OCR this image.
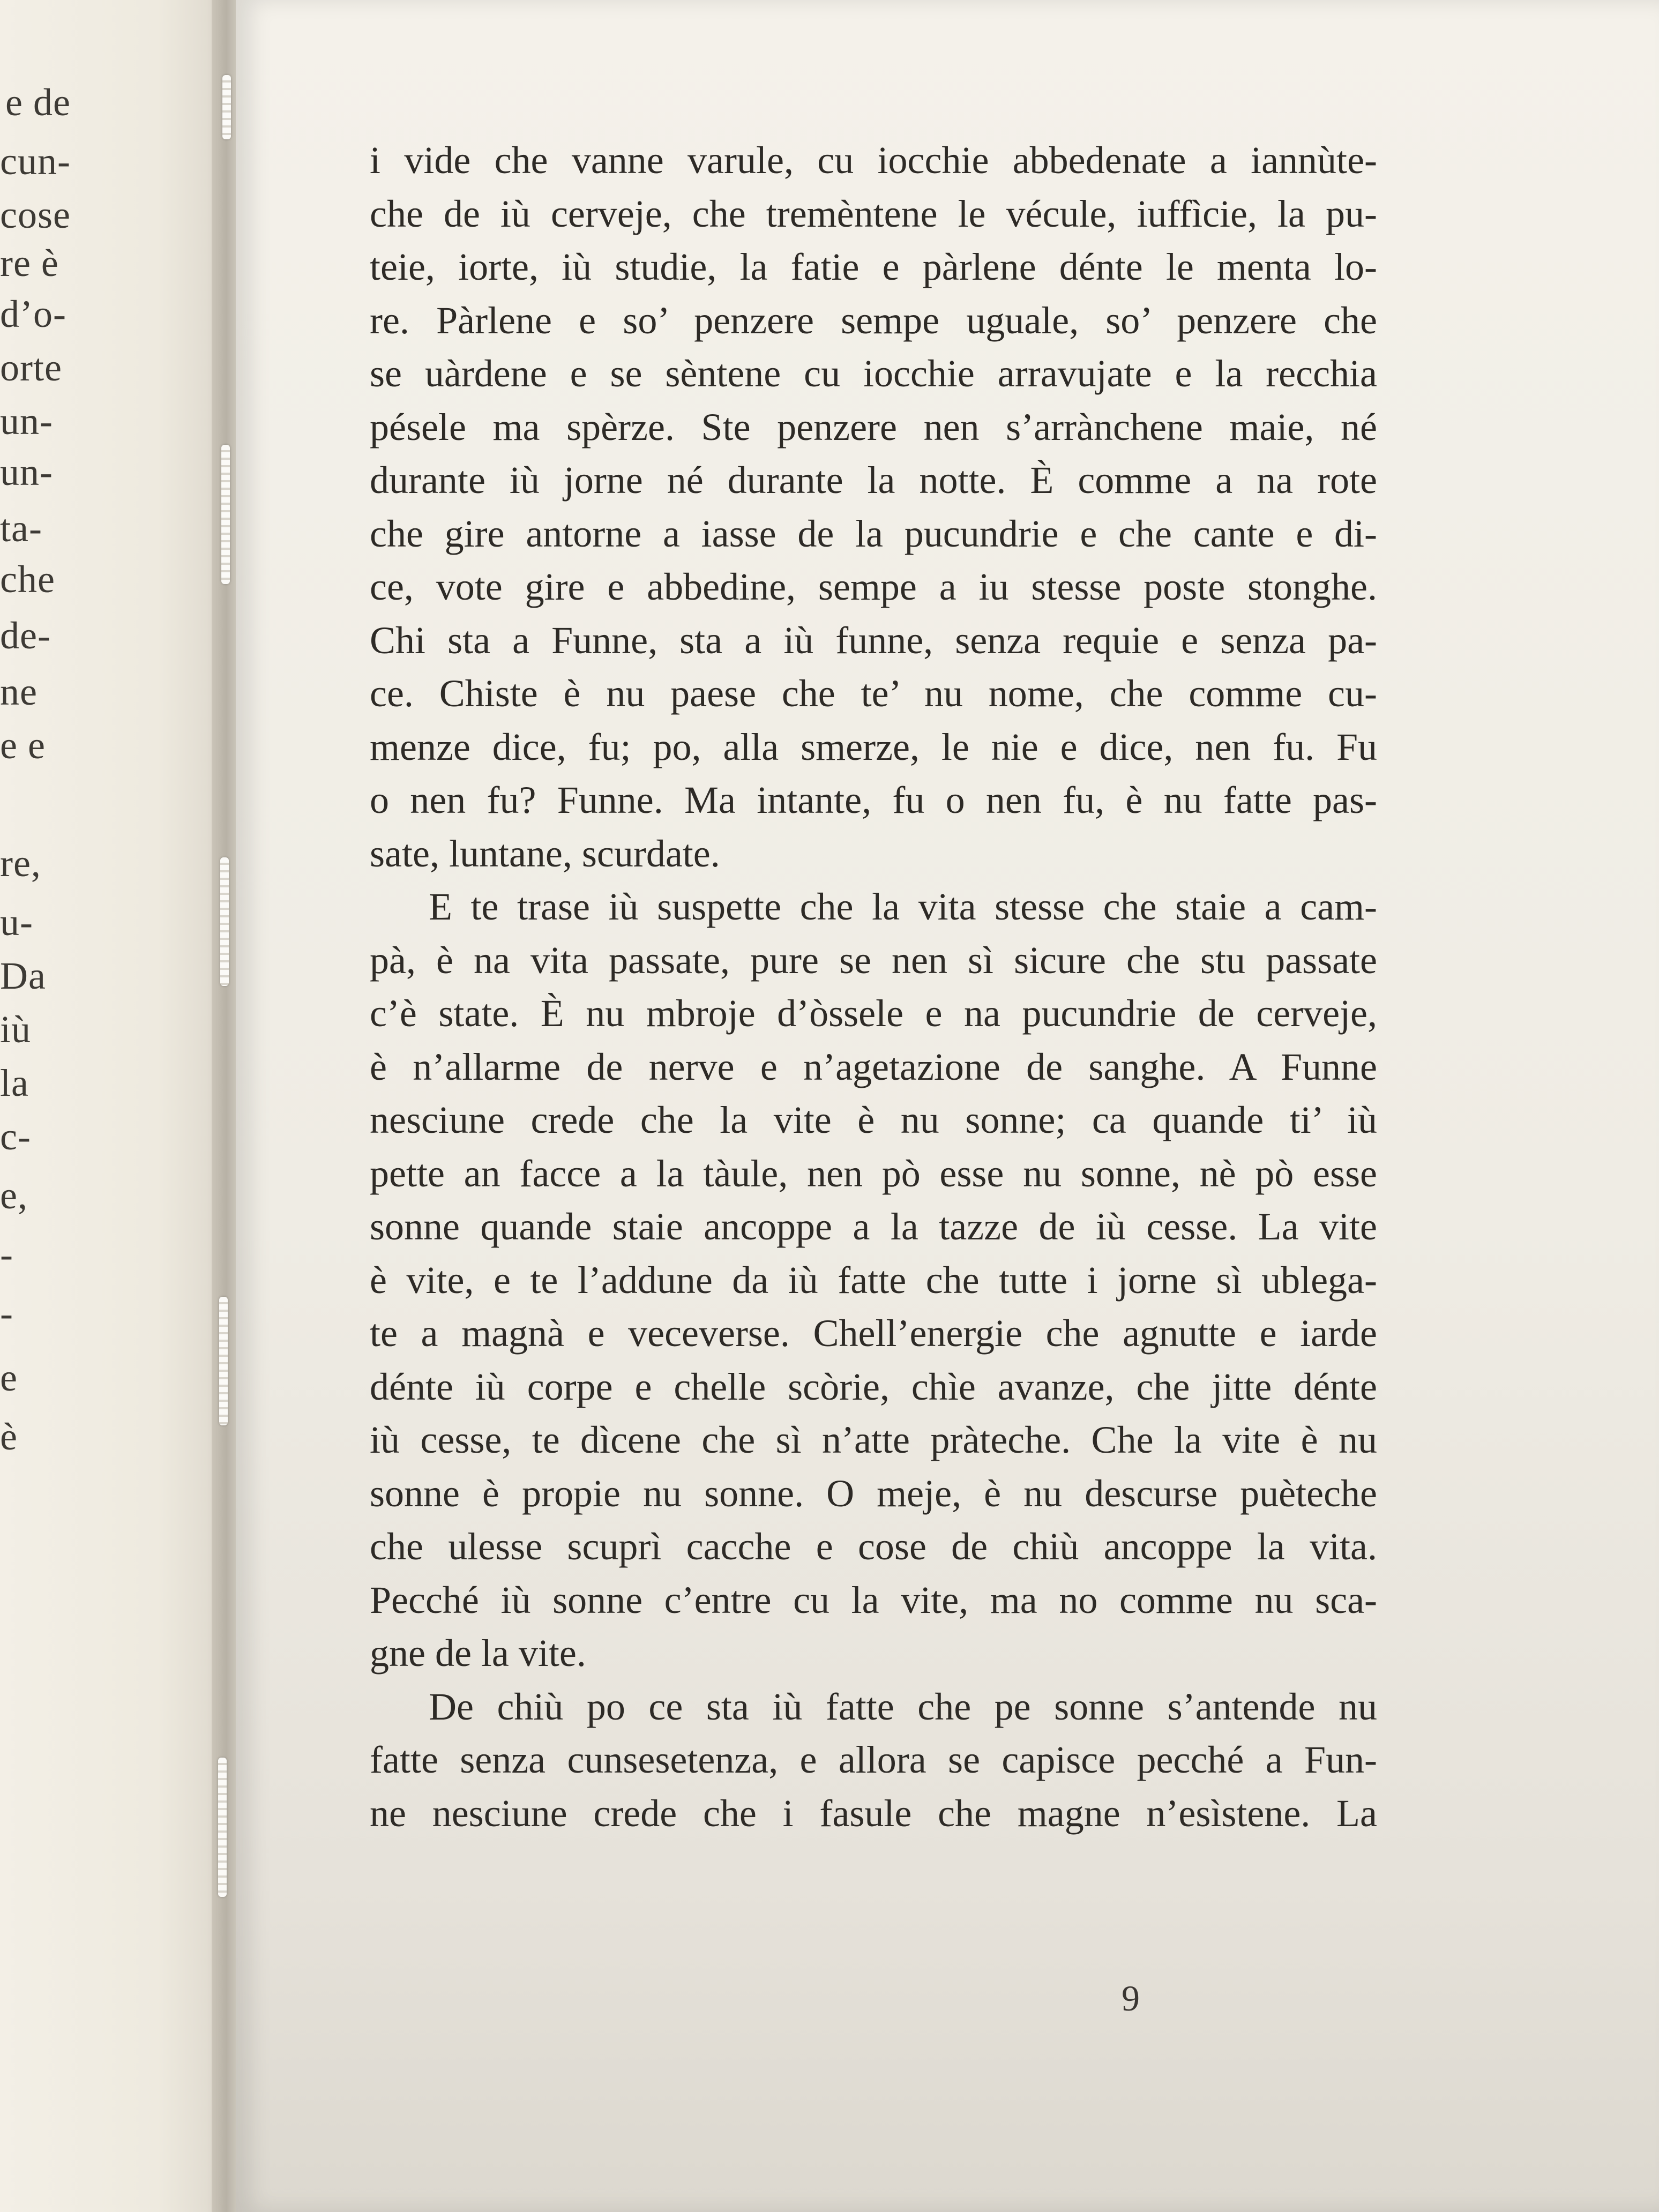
e de
cun-
cose
re è
d’o-
orte
un-
un-
ta-
che
de-
ne
e e
re,
u-
Da
iù
la
c-
e,
-
-
e
è
i vide che vanne varule, cu iocchie abbedenate a iannùte-
che de iù cerveje, che tremèntene le vécule, iuffìcie, la pu-
teie, iorte, iù studie, la fatie e pàrlene dénte le menta lo-
re. Pàrlene e so’ penzere sempe uguale, so’ penzere che
se uàrdene e se sèntene cu iocchie arravujate e la recchia
pésele ma spèrze. Ste penzere nen s’arrànchene maie, né
durante iù jorne né durante la notte. È comme a na rote
che gire antorne a iasse de la pucundrie e che cante e di-
ce, vote gire e abbedine, sempe a iu stesse poste stonghe.
Chi sta a Funne, sta a iù funne, senza requie e senza pa-
ce. Chiste è nu paese che te’ nu nome, che comme cu-
menze dice, fu; po, alla smerze, le nie e dice, nen fu. Fu
o nen fu? Funne. Ma intante, fu o nen fu, è nu fatte pas-
sate, luntane, scurdate.
E te trase iù suspette che la vita stesse che staie a cam-
pà, è na vita passate, pure se nen sì sicure che stu passate
c’è state. È nu mbroje d’òssele e na pucundrie de cerveje,
è n’allarme de nerve e n’agetazione de sanghe. A Funne
nesciune crede che la vite è nu sonne; ca quande ti’ iù
pette an facce a la tàule, nen pò esse nu sonne, nè pò esse
sonne quande staie ancoppe a la tazze de iù cesse. La vite
è vite, e te l’addune da iù fatte che tutte i jorne sì ublega-
te a magnà e veceverse. Chell’energie che agnutte e iarde
dénte iù corpe e chelle scòrie, chìe avanze, che jitte dénte
iù cesse, te dìcene che sì n’atte pràteche. Che la vite è nu
sonne è propie nu sonne. O meje, è nu descurse puèteche
che ulesse scuprì cacche e cose de chiù ancoppe la vita.
Pecché iù sonne c’entre cu la vite, ma no comme nu sca-
gne de la vite.
De chiù po ce sta iù fatte che pe sonne s’antende nu
fatte senza cunsesetenza, e allora se capisce pecché a Fun-
ne nesciune crede che i fasule che magne n’esìstene. La
9
